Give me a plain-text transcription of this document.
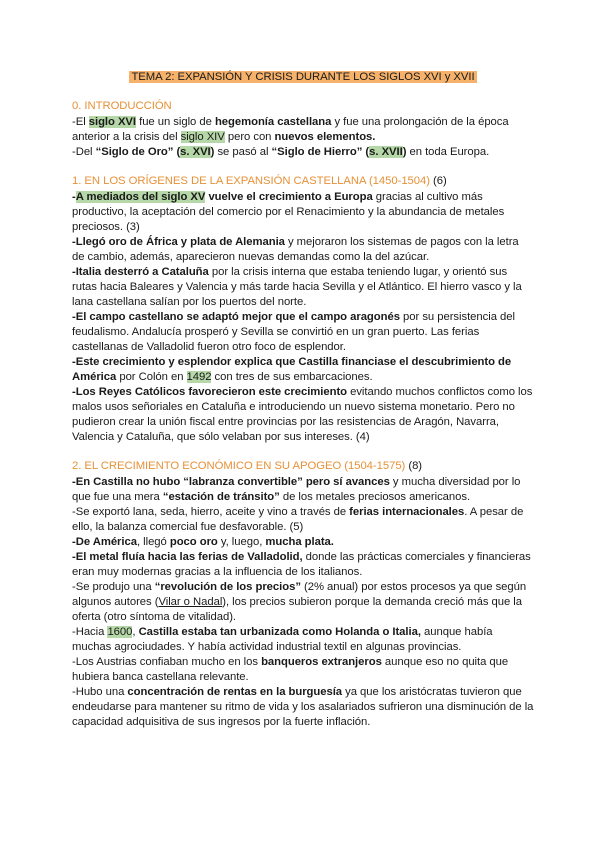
TEMA 2: EXPANSIÓN Y CRISIS DURANTE LOS SIGLOS XVI y XVII
0. INTRODUCCIÓN

-El siglo XVI fue un siglo de hegemonía castellana y fue una prolongación de la época anterior a la crisis del siglo XIV pero con nuevos elementos.

-Del “Siglo de Oro” (s. XVI) se pasó al “Siglo de Hierro” (s. XVII) en toda Europa.

1. EN LOS ORÍGENES DE LA EXPANSIÓN CASTELLANA (1450-1504) (6)

-A mediados del siglo XV vuelve el crecimiento a Europa gracias al cultivo más productivo, la aceptación del comercio por el Renacimiento y la abundancia de metales preciosos. (3)

-Llegó oro de África y plata de Alemania y mejoraron los sistemas de pagos con la letra de cambio, además, aparecieron nuevas demandas como la del azúcar.

-Italia desterró a Cataluña por la crisis interna que estaba teniendo lugar, y orientó sus rutas hacia Baleares y Valencia y más tarde hacia Sevilla y el Atlántico. El hierro vasco y la lana castellana salían por los puertos del norte.

-El campo castellano se adaptó mejor que el campo aragonés por su persistencia del feudalismo. Andalucía prosperó y Sevilla se convirtió en un gran puerto. Las ferias castellanas de Valladolid fueron otro foco de esplendor.

-Este crecimiento y esplendor explica que Castilla financiase el descubrimiento de América por Colón en 1492 con tres de sus embarcaciones.

-Los Reyes Católicos favorecieron este crecimiento evitando muchos conflictos como los malos usos señoriales en Cataluña e introduciendo un nuevo sistema monetario. Pero no pudieron crear la unión fiscal entre provincias por las resistencias de Aragón, Navarra, Valencia y Cataluña, que sólo velaban por sus intereses. (4)

2. EL CRECIMIENTO ECONÓMICO EN SU APOGEO (1504-1575) (8)

-En Castilla no hubo “labranza convertible” pero sí avances y mucha diversidad por lo que fue una mera “estación de tránsito” de los metales preciosos americanos.

-Se exportó lana, seda, hierro, aceite y vino a través de ferias internacionales. A pesar de ello, la balanza comercial fue desfavorable. (5)

-De América, llegó poco oro y, luego, mucha plata.

-El metal fluía hacia las ferias de Valladolid, donde las prácticas comerciales y financieras eran muy modernas gracias a la influencia de los italianos.

-Se produjo una “revolución de los precios” (2% anual) por estos procesos ya que según algunos autores (Vilar o Nadal), los precios subieron porque la demanda creció más que la oferta (otro síntoma de vitalidad).

-Hacia 1600, Castilla estaba tan urbanizada como Holanda o Italia, aunque había muchas agrociudades. Y había actividad industrial textil en algunas provincias.

-Los Austrias confiaban mucho en los banqueros extranjeros aunque eso no quita que hubiera banca castellana relevante.

-Hubo una concentración de rentas en la burguesía ya que los aristócratas tuvieron que endeudarse para mantener su ritmo de vida y los asalariados sufrieron una disminución de la capacidad adquisitiva de sus ingresos por la fuerte inflación.
